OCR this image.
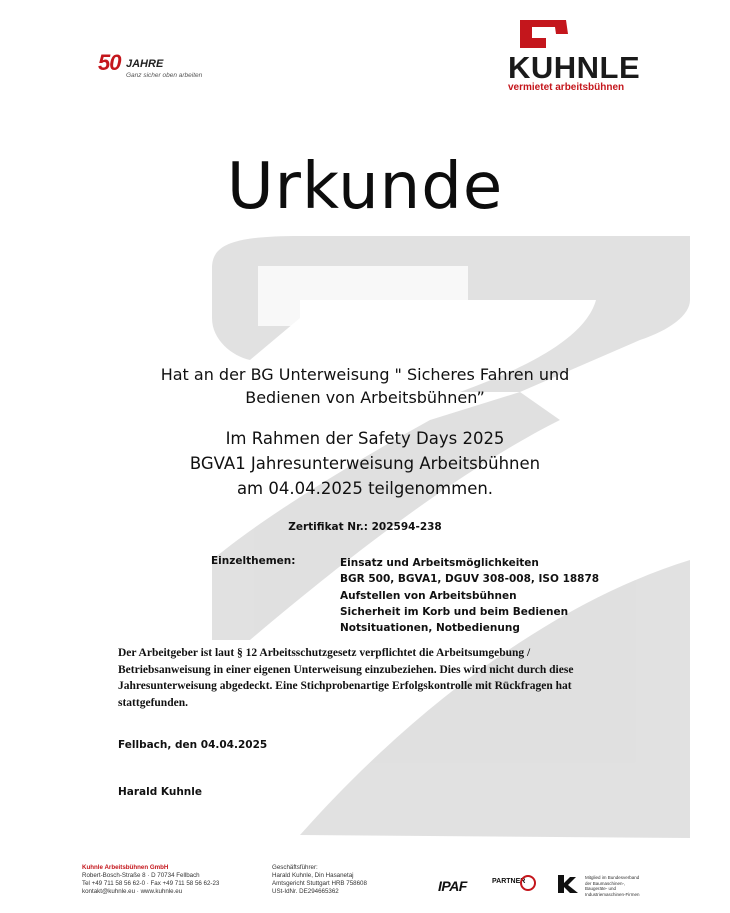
50 JAHRE
Ganz sicher oben arbeiten	KUHNLE
vermietet arbeitsbühnen
Urkunde
Hat an der BG Unterweisung " Sicheres Fahren und
Bedienen von Arbeitsbühnen”
Im Rahmen der Safety Days 2025
BGVA1 Jahresunterweisung Arbeitsbühnen
am 04.04.2025 teilgenommen.
Zertifikat Nr.: 202594-238
Einzelthemen:	Einsatz und Arbeitsmöglichkeiten
BGR 500, BGVA1, DGUV 308-008, ISO 18878
Aufstellen von Arbeitsbühnen
Sicherheit im Korb und beim Bedienen
Notsituationen, Notbedienung
Der Arbeitgeber ist laut § 12 Arbeitsschutzgesetz verpflichtet die Arbeitsumgebung /
Betriebsanweisung in einer eigenen Unterweisung einzubeziehen. Dies wird nicht durch diese
Jahresunterweisung abgedeckt. Eine Stichprobenartige Erfolgskontrolle mit Rückfragen hat
stattgefunden.
Fellbach, den 04.04.2025
Harald Kuhnle
Kuhnle Arbeitsbühnen GmbH
Robert-Bosch-Straße 8 · D 70734 Fellbach
Tel +49 711 58 56 62-0 · Fax +49 711 58 56 62-23
kontakt@kuhnle.eu · www.kuhnle.eu
Geschäftsführer:
Harald Kuhnle, Din Hasanetaj
Amtsgericht Stuttgart HRB 758608
USt-IdNr. DE294665362	IPAF	PARTNER
Mitglied im Bundesverband der Baumaschinen-, Baugeräte- und Industriemaschinen-Firmen
